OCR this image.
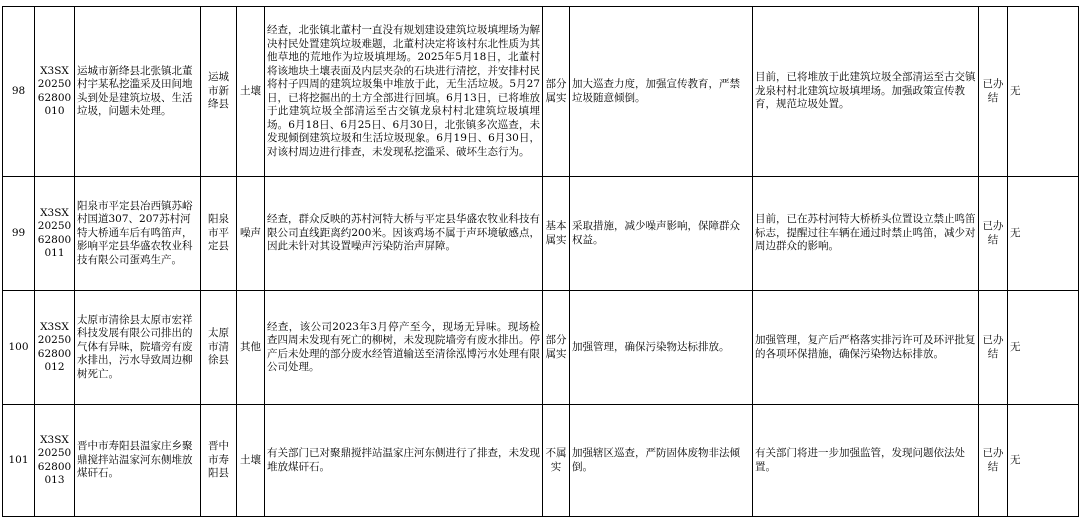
98	X3SX2025062800010	运城市新绛县北张镇北董村宇某私挖滥采及田间地头到处是建筑垃圾、生活垃圾，问题未处理。	运城市新绛县	土壤	经查，北张镇北董村一直没有规划建设建筑垃圾填埋场为解决村民处置建筑垃圾难题，北董村决定将该村东北性质为其他草地的荒地作为垃圾填埋场。2025年5月18日，北董村将该地块土壤表面及内层夹杂的石块进行清挖，并安排村民将村子四周的建筑垃圾集中堆放于此，无生活垃圾。5月27日，已将挖掘出的土方全部进行回填。6月13日，已将堆放于此建筑垃圾全部清运至古交镇龙泉村村北建筑垃圾填埋场。6月18日、6月25日、6月30日，北张镇多次巡查，未发现倾倒建筑垃圾和生活垃圾现象。6月19日、6月30日，对该村周边进行排查，未发现私挖滥采、破坏生态行为。	部分属实	加大巡查力度，加强宣传教育，严禁垃圾随意倾倒。	目前，已将堆放于此建筑垃圾全部清运至古交镇龙泉村村北建筑垃圾填埋场。加强政策宣传教育，规范垃圾处置。	已办结	无
99	X3SX2025062800011	阳泉市平定县冶西镇苏峪村国道307、207苏村河特大桥通车后有鸣笛声，影响平定县华盛农牧业科技有限公司蛋鸡生产。	阳泉市平定县	噪声	经查，群众反映的苏村河特大桥与平定县华盛农牧业科技有限公司直线距离约200米。因该鸡场不属于声环境敏感点，因此未针对其设置噪声污染防治声屏障。	基本属实	采取措施，减少噪声影响，保障群众权益。	目前，已在苏村河特大桥桥头位置设立禁止鸣笛标志，提醒过往车辆在通过时禁止鸣笛，减少对周边群众的影响。	已办结	无
100	X3SX2025062800012	太原市清徐县太原市宏祥科技发展有限公司排出的气体有异味，院墙旁有废水排出，污水导致周边柳树死亡。	太原市清徐县	其他	经查，该公司2023年3月停产至今，现场无异味。现场检查四周未发现有死亡的柳树，未发现院墙旁有废水排出。停产后未处理的部分废水经管道输送至清徐泓博污水处理有限公司处理。	部分属实	加强管理，确保污染物达标排放。	加强管理，复产后严格落实排污许可及环评批复的各项环保措施，确保污染物达标排放。	已办结	无
101	X3SX2025062800013	晋中市寿阳县温家庄乡聚鼎搅拌站温家河东侧堆放煤矸石。	晋中市寿阳县	土壤	有关部门已对聚鼎搅拌站温家庄河东侧进行了排查，未发现堆放煤矸石。	不属实	加强辖区巡查，严防固体废物非法倾倒。	有关部门将进一步加强监管，发现问题依法处置。	已办结	无
